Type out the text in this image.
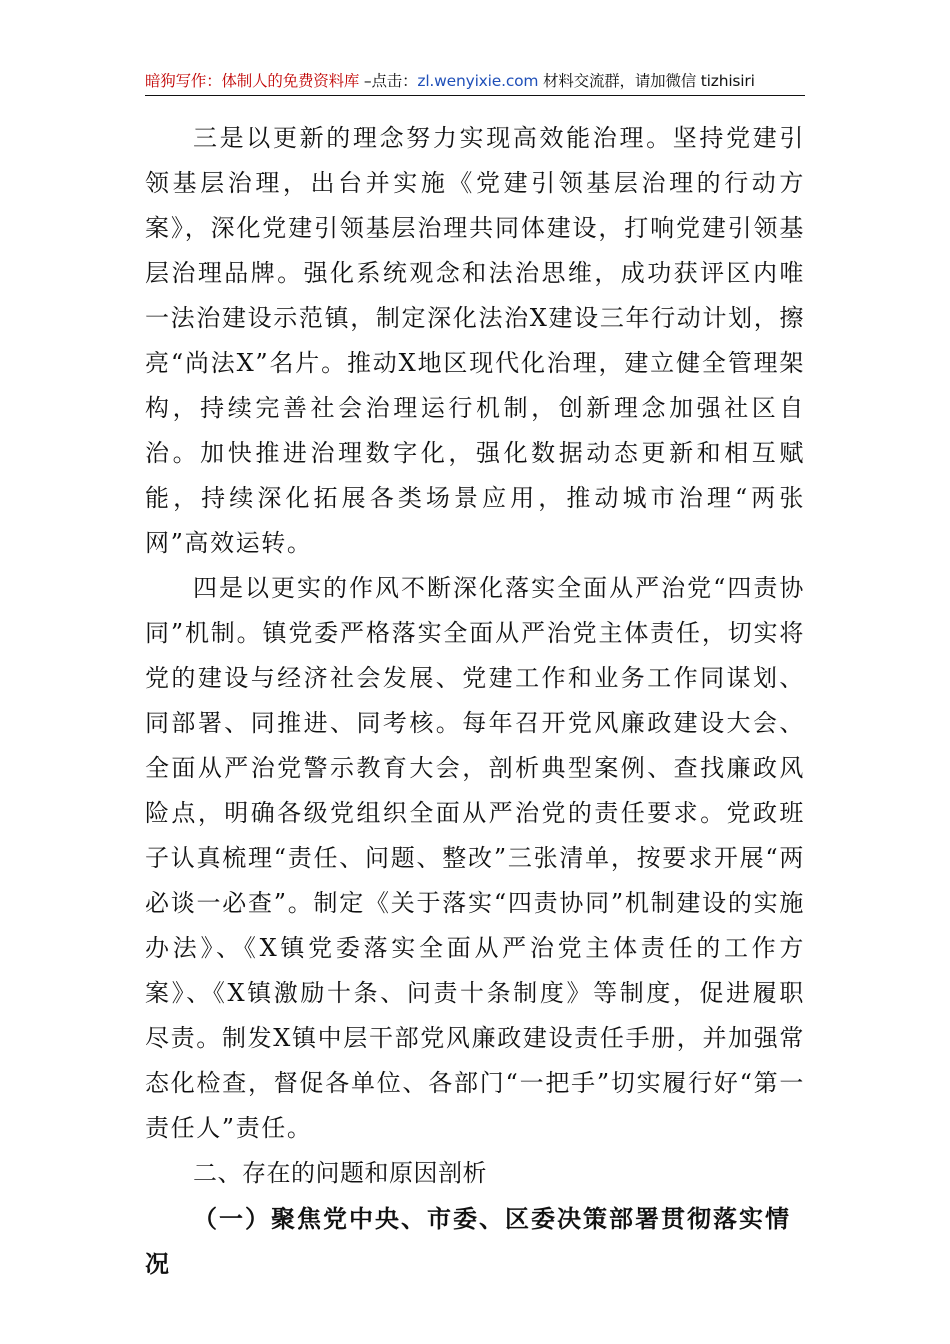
暗狗写作：体制人的免费资料库 –点击：zl.wenyixie.com 材料交流群，请加微信 tizhisiri

三是以更新的理念努力实现高效能治理。坚持党建引领基层治理，出台并实施《党建引领基层治理的行动方案》，深化党建引领基层治理共同体建设，打响党建引领基层治理品牌。强化系统观念和法治思维，成功获评区内唯一法治建设示范镇，制定深化法治X建设三年行动计划，擦亮“尚法X”名片。推动X地区现代化治理，建立健全管理架构，持续完善社会治理运行机制，创新理念加强社区自治。加快推进治理数字化，强化数据动态更新和相互赋能，持续深化拓展各类场景应用，推动城市治理“两张网”高效运转。

四是以更实的作风不断深化落实全面从严治党“四责协同”机制。镇党委严格落实全面从严治党主体责任，切实将党的建设与经济社会发展、党建工作和业务工作同谋划、同部署、同推进、同考核。每年召开党风廉政建设大会、全面从严治党警示教育大会，剖析典型案例、查找廉政风险点，明确各级党组织全面从严治党的责任要求。党政班子认真梳理“责任、问题、整改”三张清单，按要求开展“两必谈一必查”。制定《关于落实“四责协同”机制建设的实施办法》、《X镇党委落实全面从严治党主体责任的工作方案》、《X镇激励十条、问责十条制度》等制度，促进履职尽责。制发X镇中层干部党风廉政建设责任手册，并加强常态化检查，督促各单位、各部门“一把手”切实履行好“第一责任人”责任。

二、存在的问题和原因剖析

（一）聚焦党中央、市委、区委决策部署贯彻落实情况
